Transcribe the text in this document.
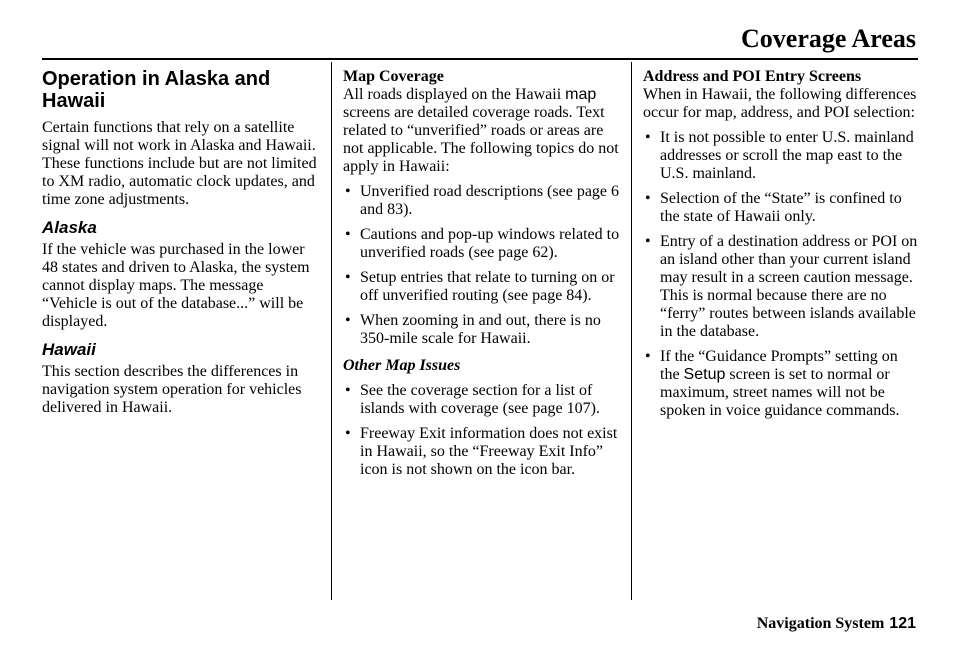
Coverage Areas
Operation in Alaska and
Hawaii

Certain functions that rely on a satellite signal will not work in Alaska and Hawaii. These functions include but are not limited to XM radio, automatic clock updates, and time zone adjustments.

Alaska

If the vehicle was purchased in the lower 48 states and driven to Alaska, the system cannot display maps. The message “Vehicle is out of the database...” will be displayed.

Hawaii

This section describes the differences in navigation system operation for vehicles delivered in Hawaii.

Map Coverage

All roads displayed on the Hawaii map screens are detailed coverage roads. Text related to “unverified” roads or areas are not applicable. The following topics do not apply in Hawaii:

• Unverified road descriptions (see page 6 and 83).
• Cautions and pop-up windows related to unverified roads (see page 62).
• Setup entries that relate to turning on or off unverified routing (see page 84).
• When zooming in and out, there is no 350-mile scale for Hawaii.
Other Map Issues
• See the coverage section for a list of islands with coverage (see page 107).
• Freeway Exit information does not exist in Hawaii, so the “Freeway Exit Info” icon is not shown on the icon bar.
Address and POI Entry Screens

When in Hawaii, the following differences occur for map, address, and POI selection:

• It is not possible to enter U.S. mainland addresses or scroll the map east to the U.S. mainland.
• Selection of the “State” is confined to the state of Hawaii only.
• Entry of a destination address or POI on an island other than your current island may result in a screen caution message. This is normal because there are no “ferry” routes between islands available in the database.
• If the “Guidance Prompts” setting on the Setup screen is set to normal or maximum, street names will not be spoken in voice guidance commands.
Navigation System 121
